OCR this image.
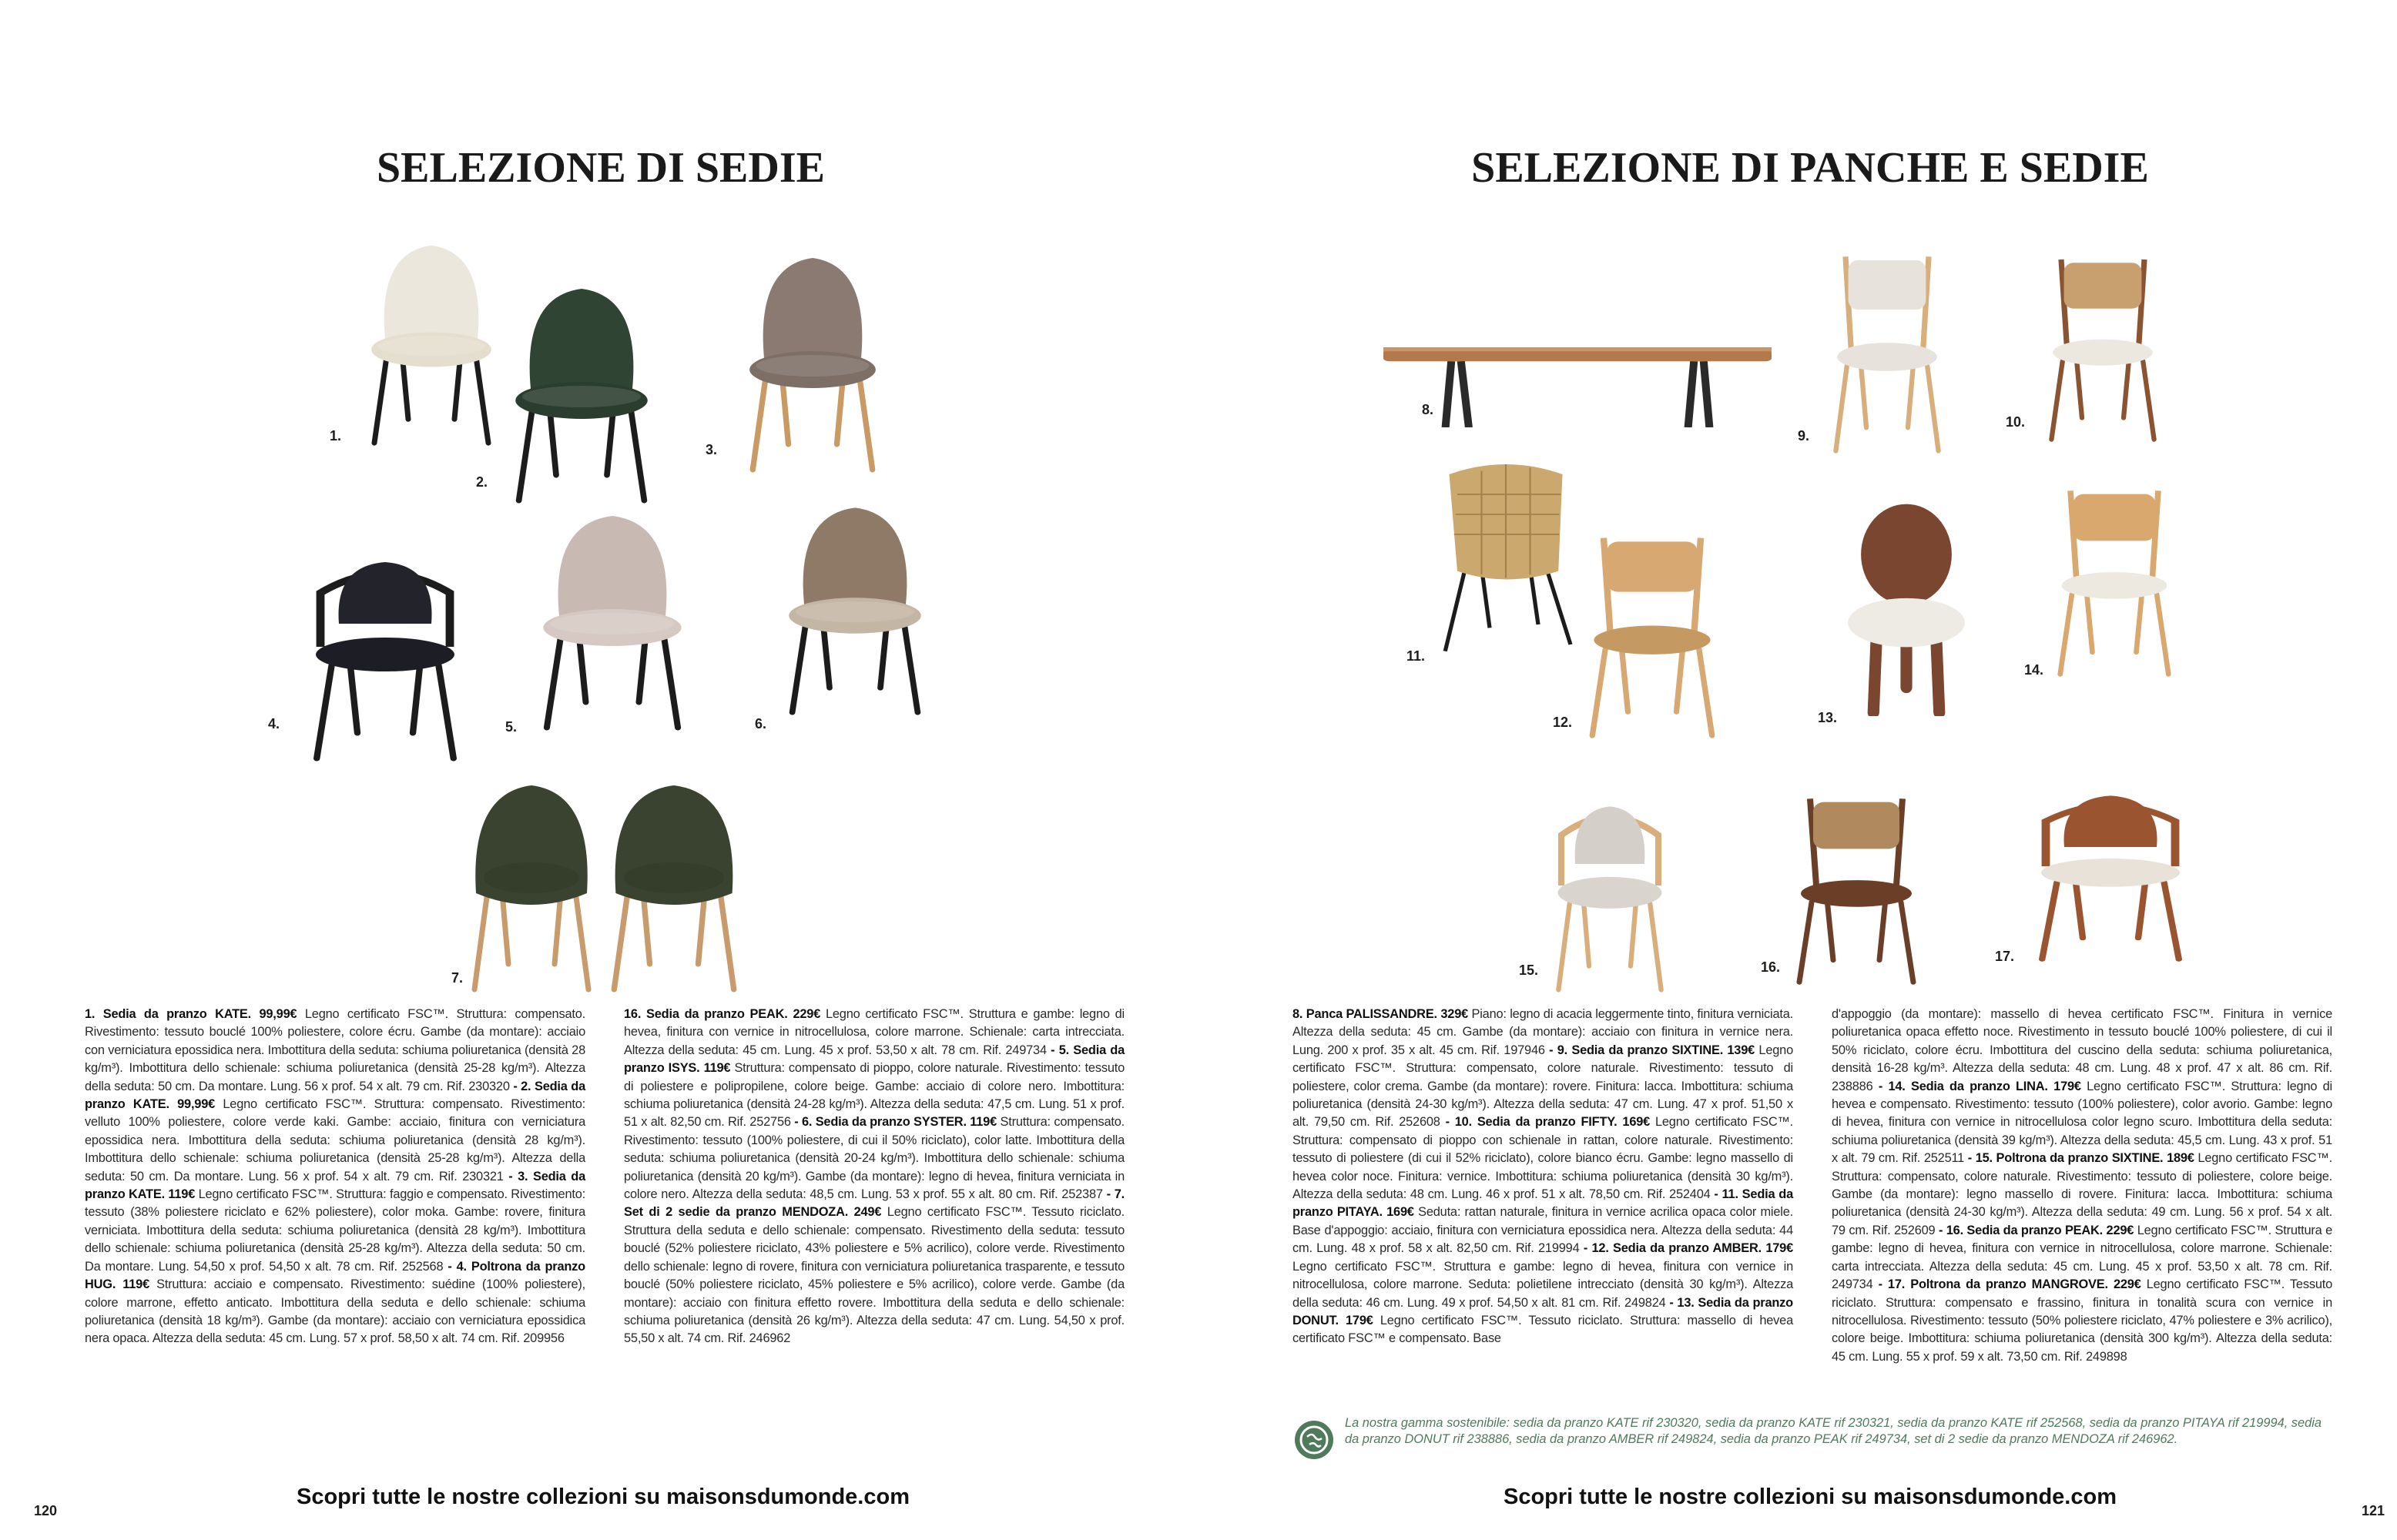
SELEZIONE DI SEDIE	SELEZIONE DI PANCHE E SEDIE
1.
2.
3.
4.	5.	6.
7.
8.
9.
10.
11.
12.	13.
14.
15.	16.
17.

1. Sedia da pranzo KATE. 99,99€ Legno certificato FSC™. Struttura: compensato. Rivestimento: tessuto bouclé 100% poliestere, colore écru. Gambe (da montare): acciaio con verniciatura epossidica nera. Imbottitura della seduta: schiuma poliuretanica (densità 28 kg/m³). Imbottitura dello schienale: schiuma poliuretanica (densità 25-28 kg/m³). Altezza della seduta: 50 cm. Da montare. Lung. 56 x prof. 54 x alt. 79 cm. Rif. 230320 - 2. Sedia da pranzo KATE. 99,99€ Legno certificato FSC™. Struttura: compensato. Rivestimento: velluto 100% poliestere, colore verde kaki. Gambe: acciaio, finitura con verniciatura epossidica nera. Imbottitura della seduta: schiuma poliuretanica (densità 28 kg/m³). Imbottitura dello schienale: schiuma poliuretanica (densità 25-28 kg/m³). Altezza della seduta: 50 cm. Da montare. Lung. 56 x prof. 54 x alt. 79 cm. Rif. 230321 - 3. Sedia da pranzo KATE. 119€ Legno certificato FSC™. Struttura: faggio e compensato. Rivestimento: tessuto (38% poliestere riciclato e 62% poliestere), color moka. Gambe: rovere, finitura verniciata. Imbottitura della seduta: schiuma poliuretanica (densità 28 kg/m³). Imbottitura dello schienale: schiuma poliuretanica (densità 25-28 kg/m³). Altezza della seduta: 50 cm. Da montare. Lung. 54,50 x prof. 54,50 x alt. 78 cm. Rif. 252568 - 4. Poltrona da pranzo HUG. 119€ Struttura: acciaio e compensato. Rivestimento: suédine (100% poliestere), colore marrone, effetto anticato. Imbottitura della seduta e dello schienale: schiuma poliuretanica (densità 18 kg/m³). Gambe (da montare): acciaio con verniciatura epossidica nera opaca. Altezza della seduta: 45 cm. Lung. 57 x prof. 58,50 x alt. 74 cm. Rif. 209956

16. Sedia da pranzo PEAK. 229€ Legno certificato FSC™. Struttura e gambe: legno di hevea, finitura con vernice in nitrocellulosa, colore marrone. Schienale: carta intrecciata. Altezza della seduta: 45 cm. Lung. 45 x prof. 53,50 x alt. 78 cm. Rif. 249734 - 5. Sedia da pranzo ISYS. 119€ Struttura: compensato di pioppo, colore naturale. Rivestimento: tessuto di poliestere e polipropilene, colore beige. Gambe: acciaio di colore nero. Imbottitura: schiuma poliuretanica (densità 24-28 kg/m³). Altezza della seduta: 47,5 cm. Lung. 51 x prof. 51 x alt. 82,50 cm. Rif. 252756 - 6. Sedia da pranzo SYSTER. 119€ Struttura: compensato. Rivestimento: tessuto (100% poliestere, di cui il 50% riciclato), color latte. Imbottitura della seduta: schiuma poliuretanica (densità 20-24 kg/m³). Imbottitura dello schienale: schiuma poliuretanica (densità 20 kg/m³). Gambe (da montare): legno di hevea, finitura verniciata in colore nero. Altezza della seduta: 48,5 cm. Lung. 53 x prof. 55 x alt. 80 cm. Rif. 252387 - 7. Set di 2 sedie da pranzo MENDOZA. 249€ Legno certificato FSC™. Tessuto riciclato. Struttura della seduta e dello schienale: compensato. Rivestimento della seduta: tessuto bouclé (52% poliestere riciclato, 43% poliestere e 5% acrilico), colore verde. Rivestimento dello schienale: legno di rovere, finitura con verniciatura poliuretanica trasparente, e tessuto bouclé (50% poliestere riciclato, 45% poliestere e 5% acrilico), colore verde. Gambe (da montare): acciaio con finitura effetto rovere. Imbottitura della seduta e dello schienale: schiuma poliuretanica (densità 26 kg/m³). Altezza della seduta: 47 cm. Lung. 54,50 x prof. 55,50 x alt. 74 cm. Rif. 246962

8. Panca PALISSANDRE. 329€ Piano: legno di acacia leggermente tinto, finitura verniciata. Altezza della seduta: 45 cm. Gambe (da montare): acciaio con finitura in vernice nera. Lung. 200 x prof. 35 x alt. 45 cm. Rif. 197946 - 9. Sedia da pranzo SIXTINE. 139€ Legno certificato FSC™. Struttura: compensato, colore naturale. Rivestimento: tessuto di poliestere, color crema. Gambe (da montare): rovere. Finitura: lacca. Imbottitura: schiuma poliuretanica (densità 24-30 kg/m³). Altezza della seduta: 47 cm. Lung. 47 x prof. 51,50 x alt. 79,50 cm. Rif. 252608 - 10. Sedia da pranzo FIFTY. 169€ Legno certificato FSC™. Struttura: compensato di pioppo con schienale in rattan, colore naturale. Rivestimento: tessuto di poliestere (di cui il 52% riciclato), colore bianco écru. Gambe: legno massello di hevea color noce. Finitura: vernice. Imbottitura: schiuma poliuretanica (densità 30 kg/m³). Altezza della seduta: 48 cm. Lung. 46 x prof. 51 x alt. 78,50 cm. Rif. 252404 - 11. Sedia da pranzo PITAYA. 169€ Seduta: rattan naturale, finitura in vernice acrilica opaca color miele. Base d'appoggio: acciaio, finitura con verniciatura epossidica nera. Altezza della seduta: 44 cm. Lung. 48 x prof. 58 x alt. 82,50 cm. Rif. 219994 - 12. Sedia da pranzo AMBER. 179€ Legno certificato FSC™. Struttura e gambe: legno di hevea, finitura con vernice in nitrocellulosa, colore marrone. Seduta: polietilene intrecciato (densità 30 kg/m³). Altezza della seduta: 46 cm. Lung. 49 x prof. 54,50 x alt. 81 cm. Rif. 249824 - 13. Sedia da pranzo DONUT. 179€ Legno certificato FSC™. Tessuto riciclato. Struttura: massello di hevea certificato FSC™ e compensato. Base

d'appoggio (da montare): massello di hevea certificato FSC™. Finitura in vernice poliuretanica opaca effetto noce. Rivestimento in tessuto bouclé 100% poliestere, di cui il 50% riciclato, colore écru. Imbottitura del cuscino della seduta: schiuma poliuretanica, densità 16-28 kg/m³. Altezza della seduta: 48 cm. Lung. 48 x prof. 47 x alt. 86 cm. Rif. 238886 - 14. Sedia da pranzo LINA. 179€ Legno certificato FSC™. Struttura: legno di hevea e compensato. Rivestimento: tessuto (100% poliestere), color avorio. Gambe: legno di hevea, finitura con vernice in nitrocellulosa color legno scuro. Imbottitura della seduta: schiuma poliuretanica (densità 39 kg/m³). Altezza della seduta: 45,5 cm. Lung. 43 x prof. 51 x alt. 79 cm. Rif. 252511 - 15. Poltrona da pranzo SIXTINE. 189€ Legno certificato FSC™. Struttura: compensato, colore naturale. Rivestimento: tessuto di poliestere, colore beige. Gambe (da montare): legno massello di rovere. Finitura: lacca. Imbottitura: schiuma poliuretanica (densità 24-30 kg/m³). Altezza della seduta: 49 cm. Lung. 56 x prof. 54 x alt. 79 cm. Rif. 252609 - 16. Sedia da pranzo PEAK. 229€ Legno certificato FSC™. Struttura e gambe: legno di hevea, finitura con vernice in nitrocellulosa, colore marrone. Schienale: carta intrecciata. Altezza della seduta: 45 cm. Lung. 45 x prof. 53,50 x alt. 78 cm. Rif. 249734 - 17. Poltrona da pranzo MANGROVE. 229€ Legno certificato FSC™. Tessuto riciclato. Struttura: compensato e frassino, finitura in tonalità scura con vernice in nitrocellulosa. Rivestimento: tessuto (50% poliestere riciclato, 47% poliestere e 3% acrilico), colore beige. Imbottitura: schiuma poliuretanica (densità 300 kg/m³). Altezza della seduta: 45 cm. Lung. 55 x prof. 59 x alt. 73,50 cm. Rif. 249898

La nostra gamma sostenibile: sedia da pranzo KATE rif 230320, sedia da pranzo KATE rif 230321, sedia da pranzo KATE rif 252568, sedia da pranzo PITAYA rif 219994, sedia da pranzo DONUT rif 238886, sedia da pranzo AMBER rif 249824, sedia da pranzo PEAK rif 249734, set di 2 sedie da pranzo MENDOZA rif 246962.

Scopri tutte le nostre collezioni su maisonsdumonde.com	Scopri tutte le nostre collezioni su maisonsdumonde.com
120	121
